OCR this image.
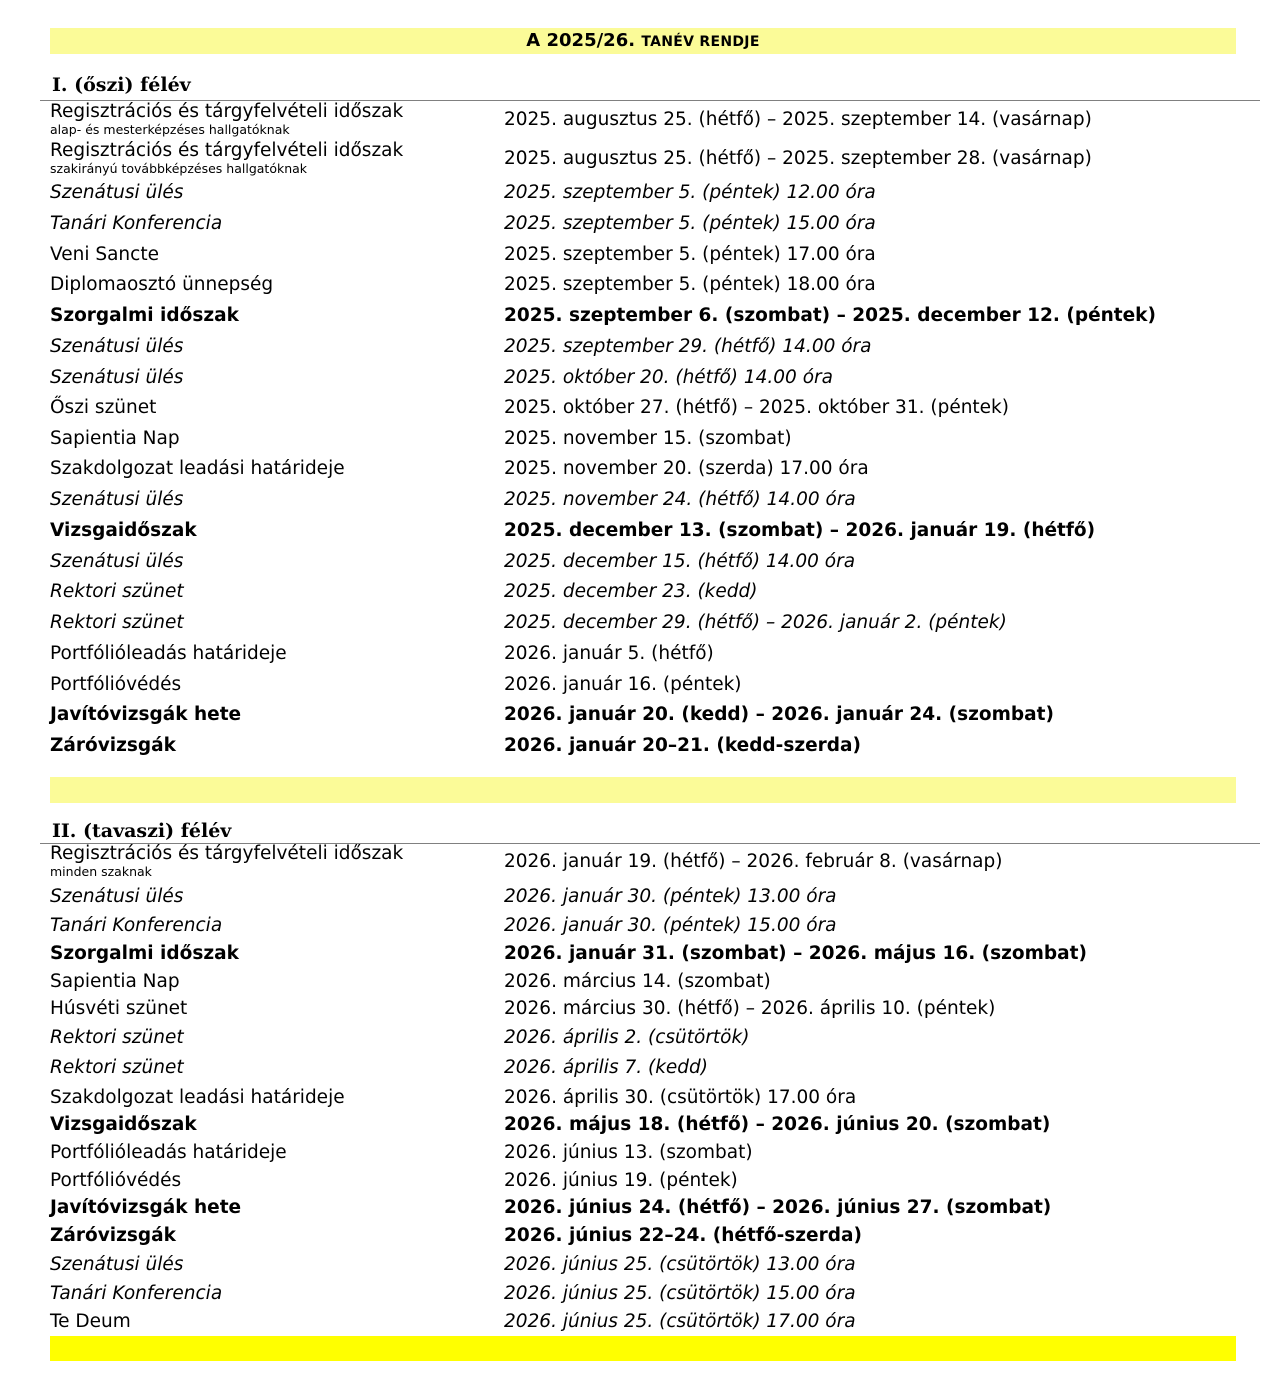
A 2025/26. TANÉV RENDJE
I. (őszi) félév
Regisztrációs és tárgyfelvételi időszak
alap- és mesterképzéses hallgatóknak	2025. augusztus 25. (hétfő) – 2025. szeptember 14. (vasárnap)
Regisztrációs és tárgyfelvételi időszak
szakirányú továbbképzéses hallgatóknak	2025. augusztus 25. (hétfő) – 2025. szeptember 28. (vasárnap)
Szenátusi ülés	2025. szeptember 5. (péntek) 12.00 óra
Tanári Konferencia	2025. szeptember 5. (péntek) 15.00 óra
Veni Sancte	2025. szeptember 5. (péntek) 17.00 óra
Diplomaosztó ünnepség	2025. szeptember 5. (péntek) 18.00 óra
Szorgalmi időszak	2025. szeptember 6. (szombat) – 2025. december 12. (péntek)
Szenátusi ülés	2025. szeptember 29. (hétfő) 14.00 óra
Szenátusi ülés	2025. október 20. (hétfő) 14.00 óra
Őszi szünet	2025. október 27. (hétfő) – 2025. október 31. (péntek)
Sapientia Nap	2025. november 15. (szombat)
Szakdolgozat leadási határideje	2025. november 20. (szerda) 17.00 óra
Szenátusi ülés	2025. november 24. (hétfő) 14.00 óra
Vizsgaidőszak	2025. december 13. (szombat) – 2026. január 19. (hétfő)
Szenátusi ülés	2025. december 15. (hétfő) 14.00 óra
Rektori szünet	2025. december 23. (kedd)
Rektori szünet	2025. december 29. (hétfő) – 2026. január 2. (péntek)
Portfólióleadás határideje	2026. január 5. (hétfő)
Portfólióvédés	2026. január 16. (péntek)
Javítóvizsgák hete	2026. január 20. (kedd) – 2026. január 24. (szombat)
Záróvizsgák	2026. január 20–21. (kedd-szerda)
II. (tavaszi) félév
Regisztrációs és tárgyfelvételi időszak
minden szaknak	2026. január 19. (hétfő) – 2026. február 8. (vasárnap)
Szenátusi ülés	2026. január 30. (péntek) 13.00 óra
Tanári Konferencia	2026. január 30. (péntek) 15.00 óra
Szorgalmi időszak	2026. január 31. (szombat) – 2026. május 16. (szombat)
Sapientia Nap	2026. március 14. (szombat)
Húsvéti szünet	2026. március 30. (hétfő) – 2026. április 10. (péntek)
Rektori szünet	2026. április 2. (csütörtök)
Rektori szünet	2026. április 7. (kedd)
Szakdolgozat leadási határideje	2026. április 30. (csütörtök) 17.00 óra
Vizsgaidőszak	2026. május 18. (hétfő) – 2026. június 20. (szombat)
Portfólióleadás határideje	2026. június 13. (szombat)
Portfólióvédés	2026. június 19. (péntek)
Javítóvizsgák hete	2026. június 24. (hétfő) – 2026. június 27. (szombat)
Záróvizsgák	2026. június 22–24. (hétfő-szerda)
Szenátusi ülés	2026. június 25. (csütörtök) 13.00 óra
Tanári Konferencia	2026. június 25. (csütörtök) 15.00 óra
Te Deum	2026. június 25. (csütörtök) 17.00 óra
